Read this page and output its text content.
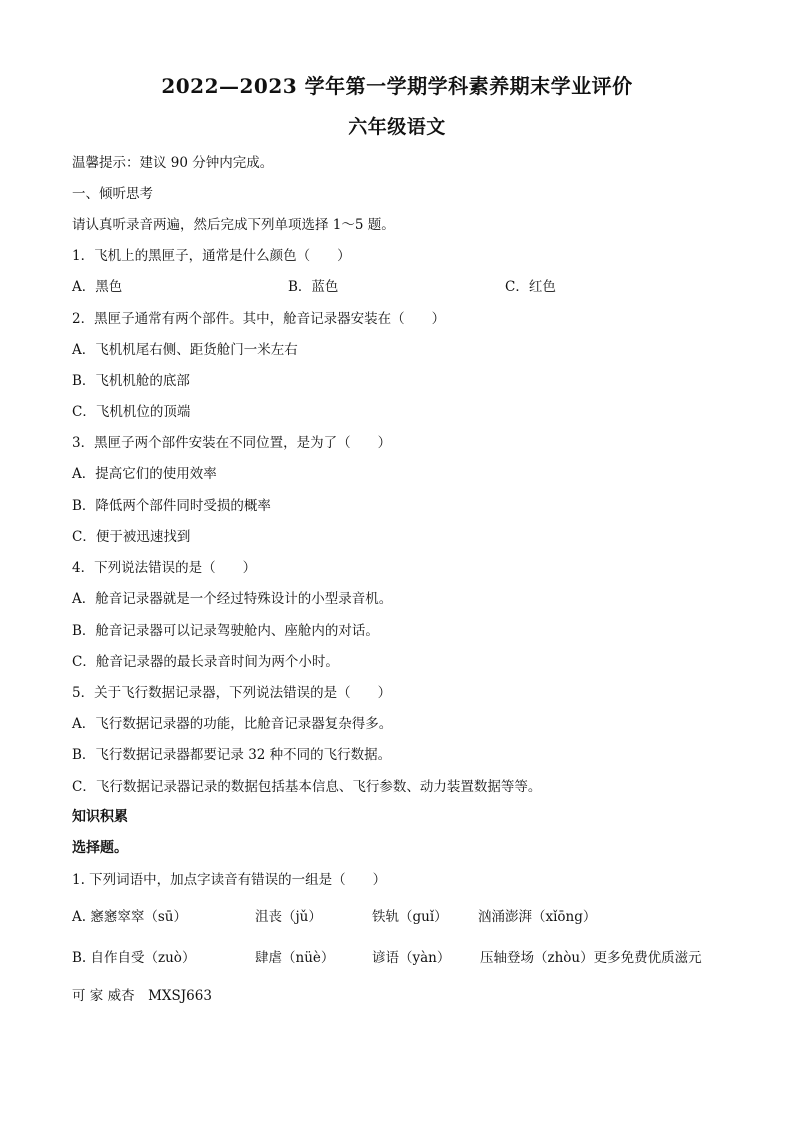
2022—2023 学年第一学期学科素养期末学业评价
六年级语文
温馨提示：建议 90 分钟内完成。
一、倾听思考
请认真听录音两遍，然后完成下列单项选择 1～5 题。
1．飞机上的黑匣子，通常是什么颜色（　　）
A．黑色	B．蓝色	C．红色
2．黑匣子通常有两个部件。其中，舱音记录器安装在（　　）
A．飞机机尾右侧、距货舱门一米左右
B．飞机机舱的底部
C．飞机机位的顶端
3．黑匣子两个部件安装在不同位置，是为了（　　）
A．提高它们的使用效率
B．降低两个部件同时受损的概率
C．便于被迅速找到
4．下列说法错误的是（　　）
A．舱音记录器就是一个经过特殊设计的小型录音机。
B．舱音记录器可以记录驾驶舱内、座舱内的对话。
C．舱音记录器的最长录音时间为两个小时。
5．关于飞行数据记录器，下列说法错误的是（　　）
A．飞行数据记录器的功能，比舱音记录器复杂得多。
B．飞行数据记录器都要记录 32 种不同的飞行数据。
C．飞行数据记录器记录的数据包括基本信息、飞行参数、动力装置数据等等。
知识积累
选择题。
1. 下列词语中，加点字读音有错误的一组是（　　）
A. 窸窸窣窣（sū）	沮丧（jǔ）	铁轨（guǐ） 汹涌澎湃（xǐōng）
B. 自作自受（zuò）	肆虐（nüè）	谚语（yàn） 压轴登场（zhòu）更多免费优质滋元
可 家 威杏　MXSJ663
